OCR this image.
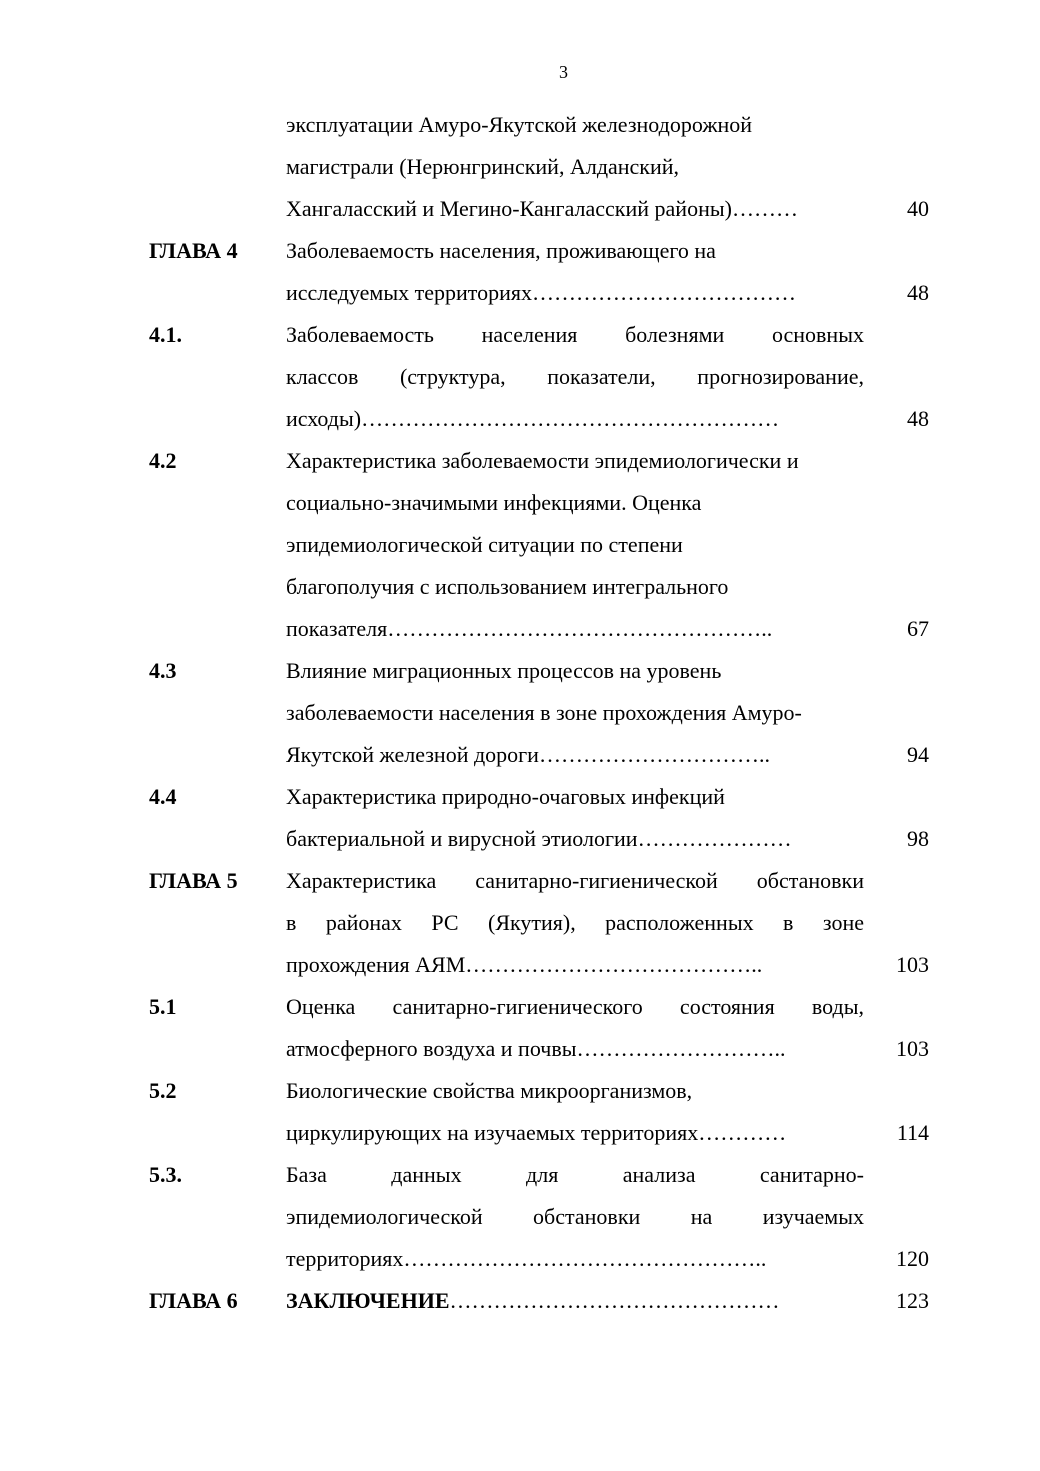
3
эксплуатации Амуро-Якутской железнодорожной
магистрали (Нерюнгринский, Алданский,
Хангаласский и Мегино-Кангаласский районы)………	40
ГЛАВА 4	Заболеваемость населения, проживающего на
исследуемых территориях………………………………	48
4.1.	Заболеваемость населения болезнями основных
классов (структура, показатели, прогнозирование,
исходы)…………………………………………………	48
4.2	Характеристика заболеваемости эпидемиологически и
социально-значимыми инфекциями. Оценка
эпидемиологической ситуации по степени
благополучия с использованием интегрального
показателя……………………………………………..	67
4.3	Влияние миграционных процессов на уровень
заболеваемости населения в зоне прохождения Амуро-
Якутской железной дороги…………………………..	94
4.4	Характеристика природно-очаговых инфекций
бактериальной и вирусной этиологии…………………	98
ГЛАВА 5	Характеристика санитарно-гигиенической обстановки
в районах РС (Якутия), расположенных в зоне
прохождения АЯМ…………………………………..	103
5.1	Оценка санитарно-гигиенического состояния воды,
атмосферного воздуха и почвы………………………..	103
5.2	Биологические свойства микроорганизмов,
циркулирующих на изучаемых территориях…………	114
5.3.	База данных для анализа санитарно-
эпидемиологической обстановки на изучаемых
территориях…………………………………………..	120
ГЛАВА 6	ЗАКЛЮЧЕНИЕ………………………………………	123
